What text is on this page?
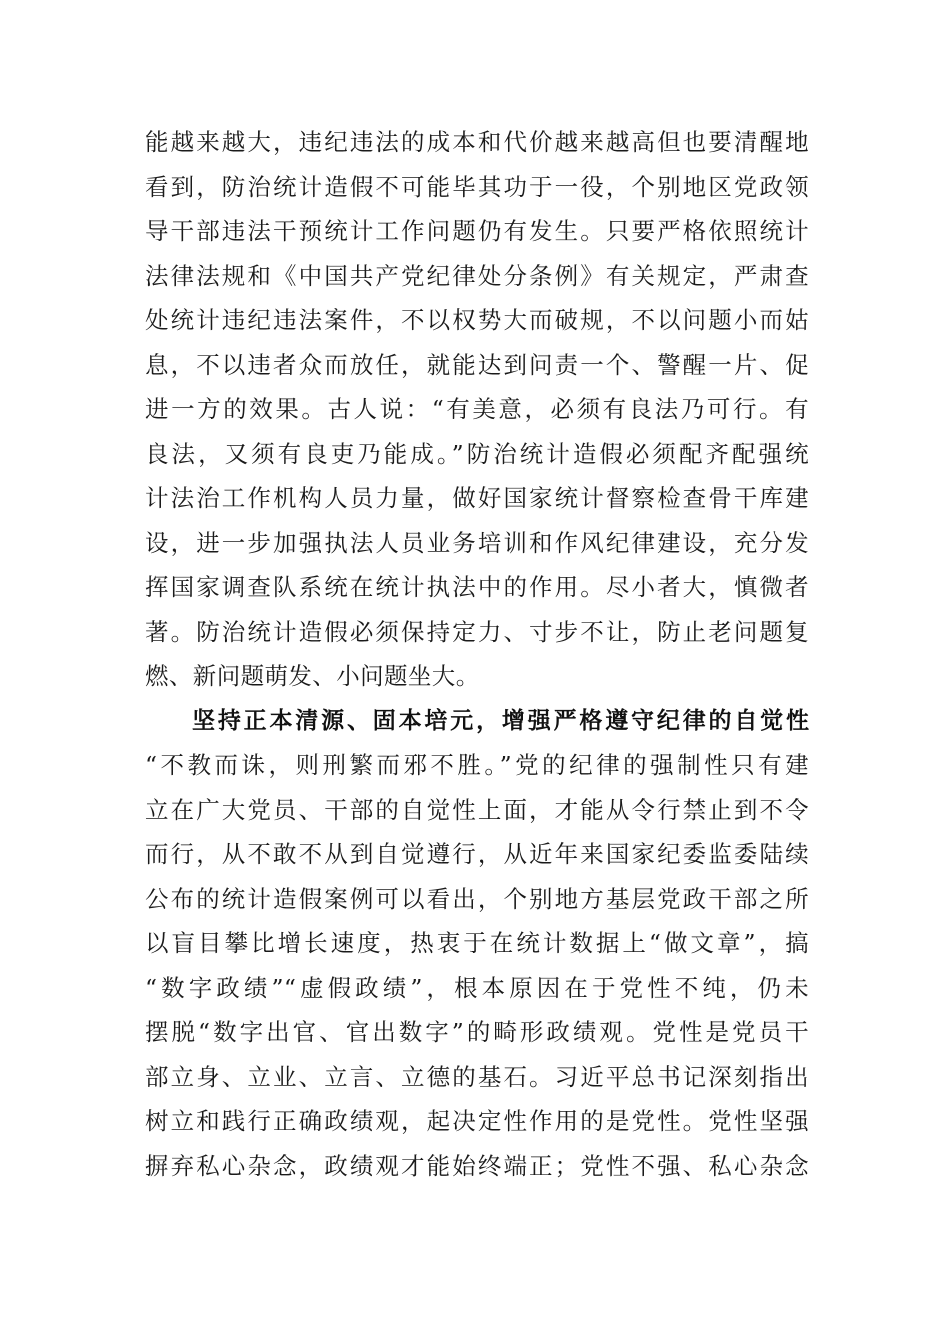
能越来越大，违纪违法的成本和代价越来越高但也要清醒地
看到，防治统计造假不可能毕其功于一役，个别地区党政领
导干部违法干预统计工作问题仍有发生。只要严格依照统计
法律法规和《中国共产党纪律处分条例》有关规定，严肃查
处统计违纪违法案件，不以权势大而破规，不以问题小而姑
息，不以违者众而放任，就能达到问责一个、警醒一片、促
进一方的效果。古人说：“有美意，必须有良法乃可行。有
良法，又须有良吏乃能成。”防治统计造假必须配齐配强统
计法治工作机构人员力量，做好国家统计督察检查骨干库建
设，进一步加强执法人员业务培训和作风纪律建设，充分发
挥国家调查队系统在统计执法中的作用。尽小者大，慎微者
著。防治统计造假必须保持定力、寸步不让，防止老问题复
燃、新问题萌发、小问题坐大。
坚持正本清源、固本培元，增强严格遵守纪律的自觉性
“不教而诛，则刑繁而邪不胜。”党的纪律的强制性只有建
立在广大党员、干部的自觉性上面，才能从令行禁止到不令
而行，从不敢不从到自觉遵行，从近年来国家纪委监委陆续
公布的统计造假案例可以看出，个别地方基层党政干部之所
以盲目攀比增长速度，热衷于在统计数据上“做文章”，搞
“数字政绩”“虚假政绩”，根本原因在于党性不纯，仍未
摆脱“数字出官、官出数字”的畸形政绩观。党性是党员干
部立身、立业、立言、立德的基石。习近平总书记深刻指出
树立和践行正确政绩观，起决定性作用的是党性。党性坚强
摒弃私心杂念，政绩观才能始终端正；党性不强、私心杂念
